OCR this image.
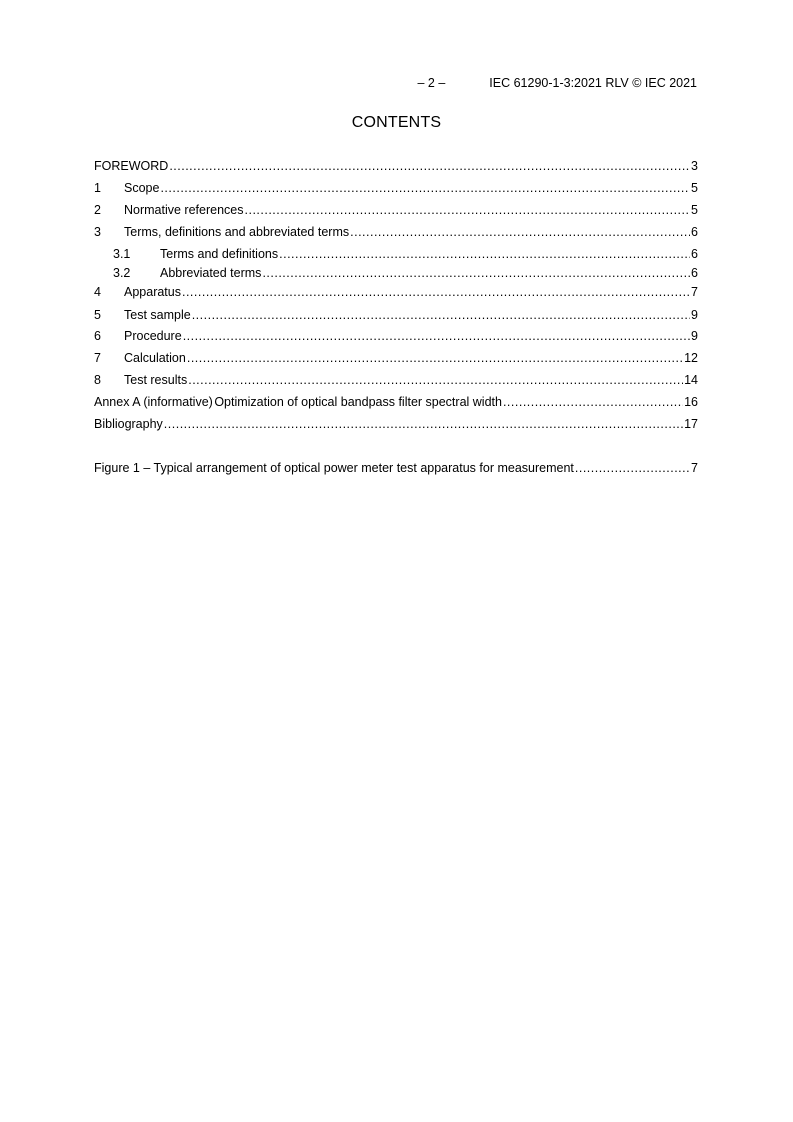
– 2 –	IEC 61290-1-3:2021 RLV © IEC 2021
CONTENTS
FOREWORD .....	3
1	Scope .....	5
2	Normative references .....	5
3	Terms, definitions and abbreviated terms .....	6
3.1	Terms and definitions .....	6
3.2	Abbreviated terms .....	6
4	Apparatus .....	7
5	Test sample .....	9
6	Procedure .....	9
7	Calculation .....	12
8	Test results .....	14
Annex A (informative) Optimization of optical bandpass filter spectral width .....	16
Bibliography .....	17
Figure 1 – Typical arrangement of optical power meter test apparatus for measurement .....	7
